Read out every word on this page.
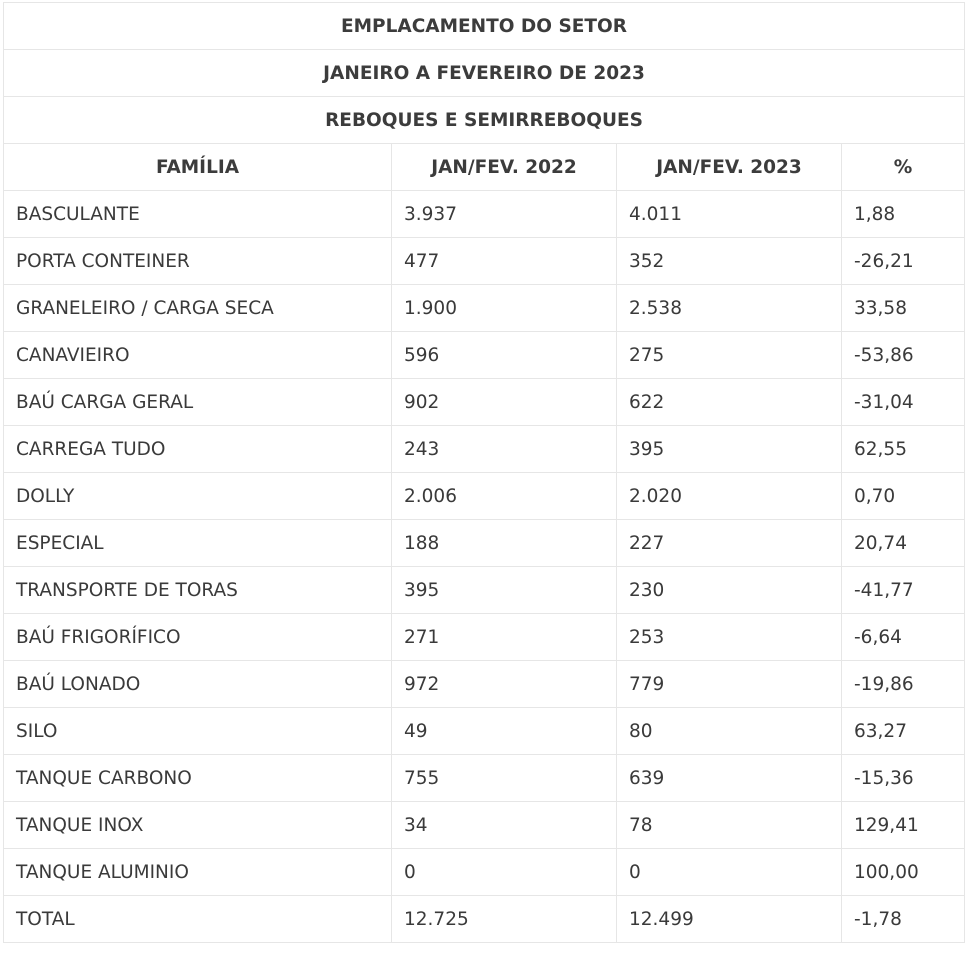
EMPLACAMENTO DO SETOR			
JANEIRO A FEVEREIRO DE 2023			
REBOQUES E SEMIRREBOQUES			
FAMÍLIA	JAN/FEV. 2022	JAN/FEV. 2023	%
BASCULANTE	3.937	4.011	1,88
PORTA CONTEINER	477	352	-26,21
GRANELEIRO / CARGA SECA	1.900	2.538	33,58
CANAVIEIRO	596	275	-53,86
BAÚ CARGA GERAL	902	622	-31,04
CARREGA TUDO	243	395	62,55
DOLLY	2.006	2.020	0,70
ESPECIAL	188	227	20,74
TRANSPORTE DE TORAS	395	230	-41,77
BAÚ FRIGORÍFICO	271	253	-6,64
BAÚ LONADO	972	779	-19,86
SILO	49	80	63,27
TANQUE CARBONO	755	639	-15,36
TANQUE INOX	34	78	129,41
TANQUE ALUMINIO	0	0	100,00
TOTAL	12.725	12.499	-1,78
